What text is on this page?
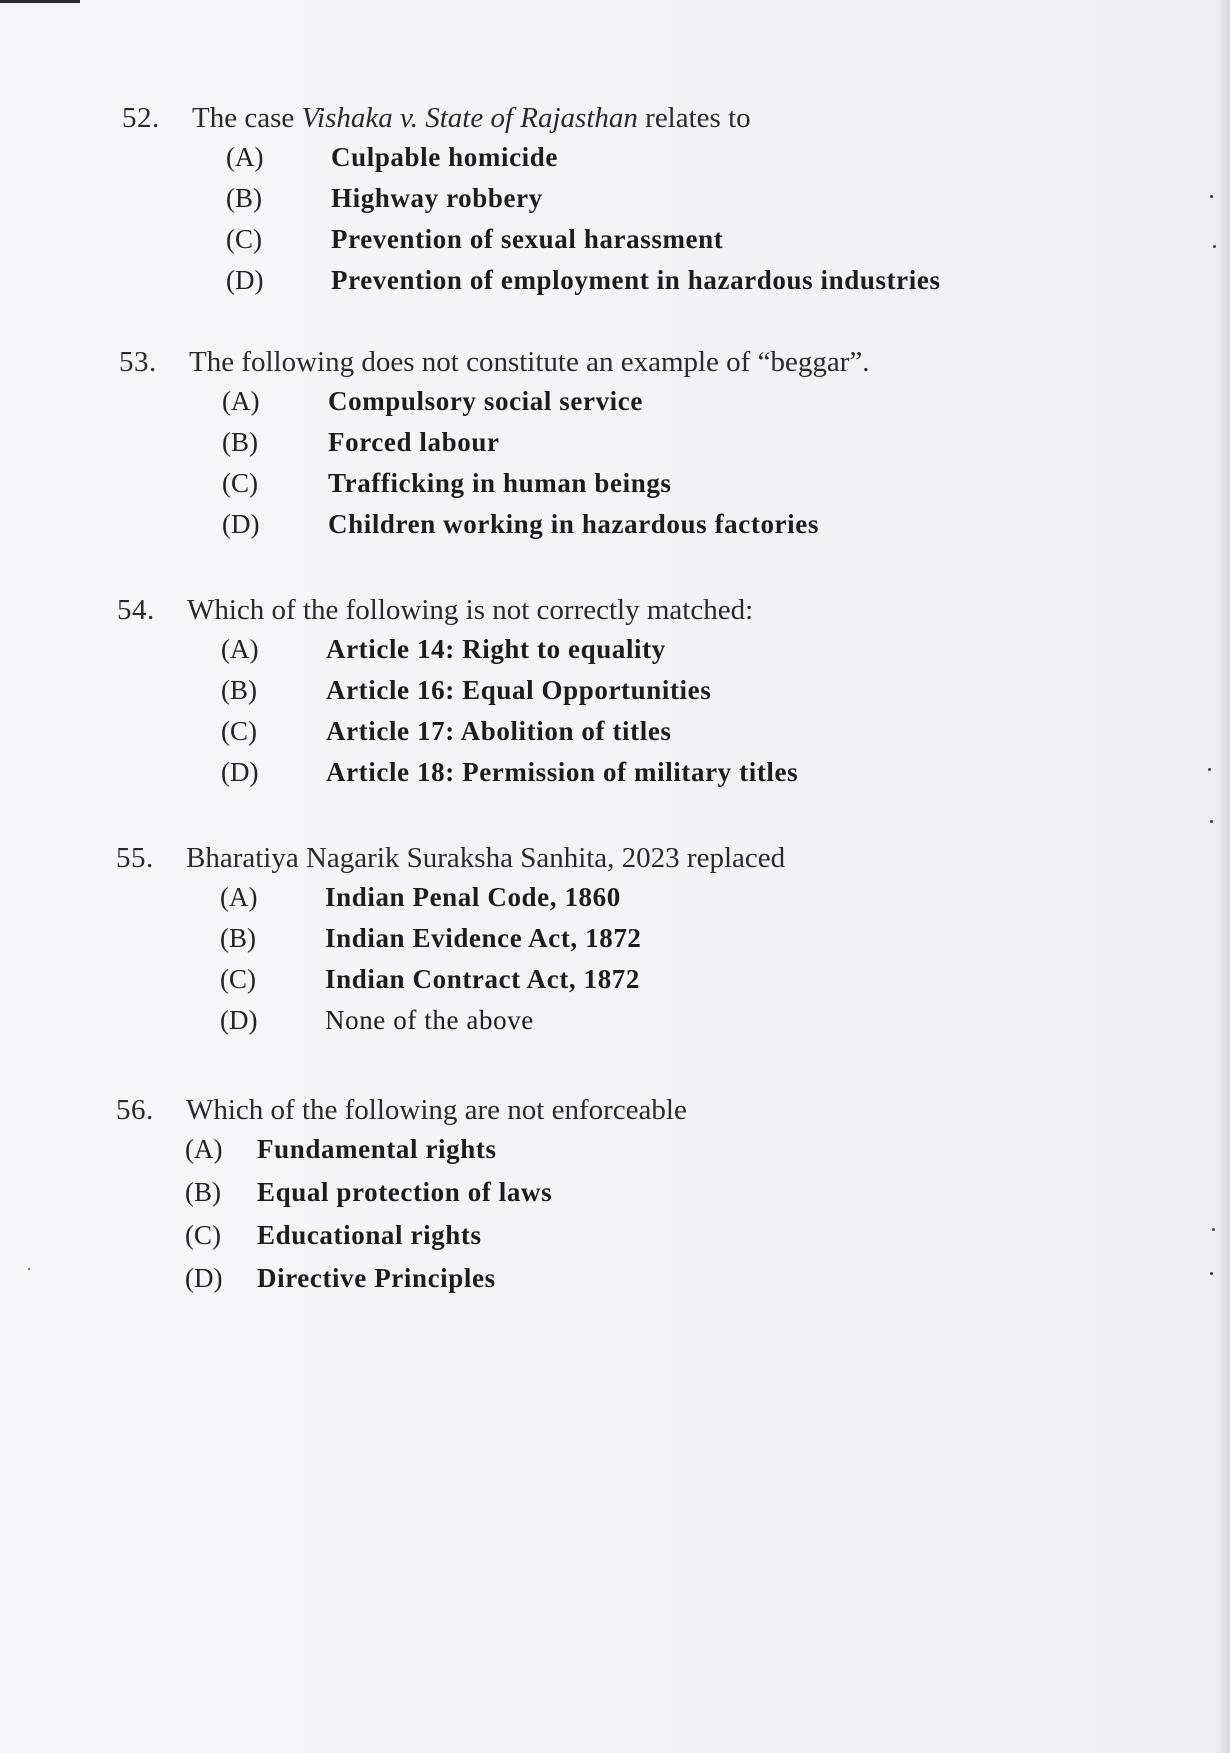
52. The case Vishaka v. State of Rajasthan relates to
(A)	Culpable homicide
(B)	Highway robbery
(C)	Prevention of sexual harassment
(D)	Prevention of employment in hazardous industries
53. The following does not constitute an example of “beggar”.
(A)	Compulsory social service
(B)	Forced labour
(C)	Trafficking in human beings
(D)	Children working in hazardous factories
54. Which of the following is not correctly matched:
(A)	Article 14: Right to equality
(B)	Article 16: Equal Opportunities
(C)	Article 17: Abolition of titles
(D)	Article 18: Permission of military titles
55. Bharatiya Nagarik Suraksha Sanhita, 2023 replaced
(A)	Indian Penal Code, 1860
(B)	Indian Evidence Act, 1872
(C)	Indian Contract Act, 1872
(D)	None of the above
56. Which of the following are not enforceable
(A) Fundamental rights
(B) Equal protection of laws
(C) Educational rights
(D) Directive Principles
